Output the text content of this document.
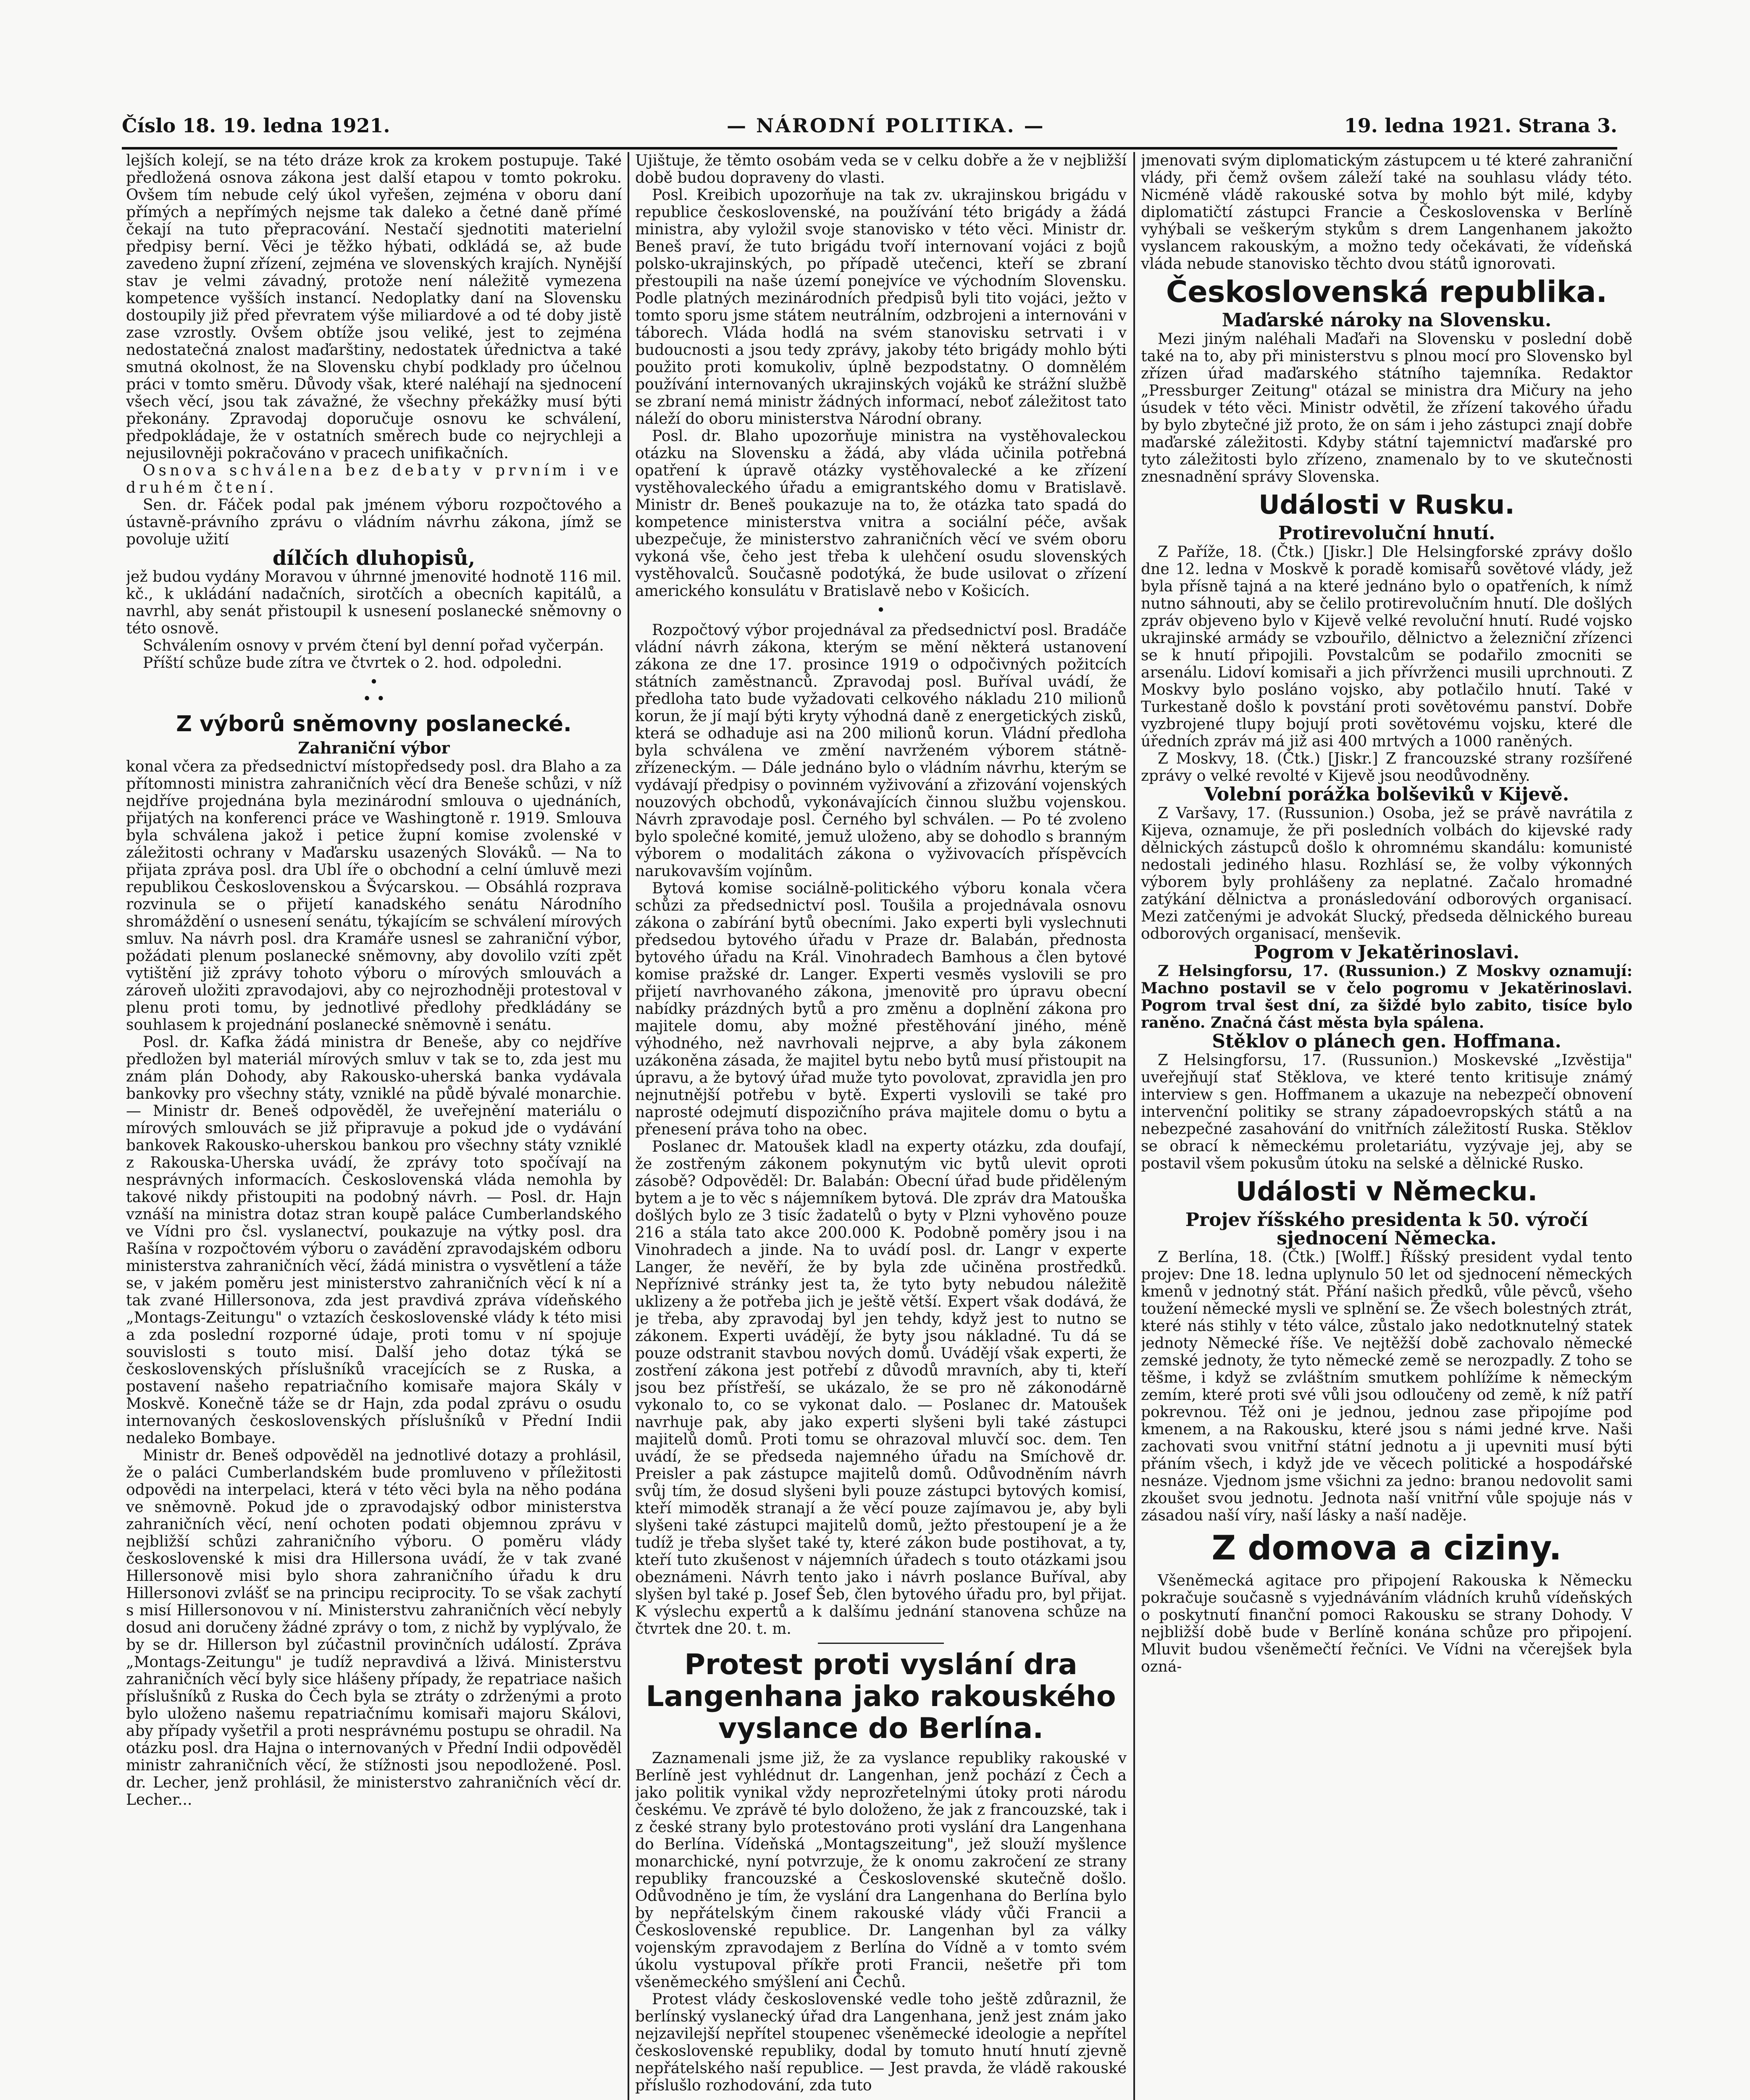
Číslo 18. 19. ledna 1921.	— NÁRODNÍ POLITIKA. —	19. ledna 1921. Strana 3.

lejších kolejí, se na této dráze krok za krokem postupuje. Také předložená osnova zákona jest další etapou v tomto pokroku. Ovšem tím nebude celý úkol vyřešen, zejména v oboru daní přímých a nepřímých nejsme tak daleko a četné daně přímé čekají na tuto přepracování. Nestačí sjednotiti materielní předpisy berní. Věci je těžko hýbati, odkládá se, až bude zavedeno župní zřízení, zejména ve slovenských krajích. Nynější stav je velmi závadný, protože není náležitě vymezena kompetence vyšších instancí. Nedoplatky daní na Slovensku dostoupily již před převratem výše miliardové a od té doby jistě zase vzrostly. Ovšem obtíže jsou veliké, jest to zejména nedostatečná znalost maďarštiny, nedostatek úřednictva a také smutná okolnost, že na Slovensku chybí podklady pro účelnou práci v tomto směru. Důvody však, které naléhají na sjednocení všech věcí, jsou tak závažné, že všechny překážky musí býti překonány. Zpravodaj doporučuje osnovu ke schválení, předpokládaje, že v ostatních směrech bude co nejrychleji a nejusilovněji pokračováno v pracech unifikačních.

Osnova schválena bez debaty v prvním i ve druhém čtení.

Sen. dr. Fáček podal pak jménem výboru rozpočtového a ústavně-právního zprávu o vládním návrhu zákona, jímž se povoluje užití

dílčích dluhopisů,

jež budou vydány Moravou v úhrnné jmenovité hodnotě 116 mil. kč., k ukládání nadačních, sirotčích a obecních kapitálů, a navrhl, aby senát přistoupil k usnesení poslanecké sněmovny o této osnově.

Schválením osnovy v prvém čtení byl denní pořad vyčerpán.

Příští schůze bude zítra ve čtvrtek o 2. hod. odpoledni.

•
• •
Z výborů sněmovny poslanecké.
Zahraniční výbor

konal včera za předsednictví místopředsedy posl. dra Blaho a za přítomnosti ministra zahraničních věcí dra Beneše schůzi, v níž nejdříve projednána byla mezinárodní smlouva o ujednáních, přijatých na konferenci práce ve Washingtoně r. 1919. Smlouva byla schválena jakož i petice župní komise zvolenské v záležitosti ochrany v Maďarsku usazených Slováků. — Na to přijata zpráva posl. dra Ubl íře o obchodní a celní úmluvě mezi republikou Československou a Švýcarskou. — Obsáhlá rozprava rozvinula se o přijetí kanadského senátu Národního shromáždění o usnesení senátu, týkajícím se schválení mírových smluv. Na návrh posl. dra Kramáře usnesl se zahraniční výbor, požádati plenum poslanecké sněmovny, aby dovolilo vzíti zpět vytištění již zprávy tohoto výboru o mírových smlouvách a zároveň uložiti zpravodajovi, aby co nejrozhodněji protestoval v plenu proti tomu, by jednotlivé předlohy předkládány se souhlasem k projednání poslanecké sněmovně i senátu.

Posl. dr. Kafka žádá ministra dr Beneše, aby co nejdříve předložen byl materiál mírových smluv v tak se to, zda jest mu znám plán Dohody, aby Rakousko-uherská banka vydávala bankovky pro všechny státy, vzniklé na půdě bývalé monarchie. — Ministr dr. Beneš odpověděl, že uveřejnění materiálu o mírových smlouvách se již připravuje a pokud jde o vydávání bankovek Rakousko-uherskou bankou pro všechny státy vzniklé z Rakouska-Uherska uvádí, že zprávy toto spočívají na nesprávných informacích. Československá vláda nemohla by takové nikdy přistoupiti na podobný návrh. — Posl. dr. Hajn vznáší na ministra dotaz stran koupě paláce Cumberlandského ve Vídni pro čsl. vyslanectví, poukazuje na výtky posl. dra Rašína v rozpočtovém výboru o zavádění zpravodajském odboru ministerstva zahraničních věcí, žádá ministra o vysvětlení a táže se, v jakém poměru jest ministerstvo zahraničních věcí k ní a tak zvané Hillersonova, zda jest pravdivá zpráva vídeňského „Montags-Zeitungu" o vztazích československé vlády k této misi a zda poslední rozporné údaje, proti tomu v ní spojuje souvislosti s touto misí. Další jeho dotaz týká se československých příslušníků vracejících se z Ruska, a postavení našeho repatriačního komisaře majora Skály v Moskvě. Konečně táže se dr Hajn, zda podal zprávu o osudu internovaných československých příslušníků v Přední Indii nedaleko Bombaye.

Ministr dr. Beneš odpověděl na jednotlivé dotazy a prohlásil, že o paláci Cumberlandském bude promluveno v příležitosti odpovědi na interpelaci, která v této věci byla na něho podána ve sněmovně. Pokud jde o zpravodajský odbor ministerstva zahraničních věcí, není ochoten podati objemnou zprávu v nejbližší schůzi zahraničního výboru. O poměru vlády československé k misi dra Hillersona uvádí, že v tak zvané Hillersonově misi bylo shora zahraničního úřadu k dru Hillersonovi zvlášť se na principu reciprocity. To se však zachytí s misí Hillersonovou v ní. Ministerstvu zahraničních věcí nebyly dosud ani doručeny žádné zprávy o tom, z nichž by vyplývalo, že by se dr. Hillerson byl zúčastnil provinčních událostí. Zpráva „Montags-Zeitungu" je tudíž nepravdivá a lživá. Ministerstvu zahraničních věcí byly sice hlášeny případy, že repatriace našich příslušníků z Ruska do Čech byla se ztráty o zdrženými a proto bylo uloženo našemu repatriačnímu komisaři majoru Skálovi, aby případy vyšetřil a proti nesprávnému postupu se ohradil. Na otázku posl. dra Hajna o internovaných v Přední Indii odpověděl ministr zahraničních věcí, že stížnosti jsou nepodložené. Posl. dr. Lecher, jenž prohlásil, že ministerstvo zahraničních věcí dr. Lecher...

Ujištuje, že těmto osobám veda se v celku dobře a že v nejbližší době budou dopraveny do vlasti.

Posl. Kreibich upozorňuje na tak zv. ukrajinskou brigádu v republice československé, na používání této brigády a žádá ministra, aby vyložil svoje stanovisko v této věci. Ministr dr. Beneš praví, že tuto brigádu tvoří internovaní vojáci z bojů polsko-ukrajinských, po případě utečenci, kteří se zbraní přestoupili na naše území ponejvíce ve východním Slovensku. Podle platných mezinárodních předpisů byli tito vojáci, ježto v tomto sporu jsme státem neutrálním, odzbrojeni a internováni v táborech. Vláda hodlá na svém stanovisku setrvati i v budoucnosti a jsou tedy zprávy, jakoby této brigády mohlo býti použito proti komukoliv, úplně bezpodstatny. O domnělém používání internovaných ukrajinských vojáků ke strážní službě se zbraní nemá ministr žádných informací, neboť záležitost tato náleží do oboru ministerstva Národní obrany.

Posl. dr. Blaho upozorňuje ministra na vystěhovaleckou otázku na Slovensku a žádá, aby vláda učinila potřebná opatření k úpravě otázky vystěhovalecké a ke zřízení vystěhovaleckého úřadu a emigrantského domu v Bratislavě. Ministr dr. Beneš poukazuje na to, že otázka tato spadá do kompetence ministerstva vnitra a sociální péče, avšak ubezpečuje, že ministerstvo zahraničních věcí ve svém oboru vykoná vše, čeho jest třeba k ulehčení osudu slovenských vystěhovalců. Současně podotýká, že bude usilovat o zřízení amerického konsulátu v Bratislavě nebo v Košicích.

•

Rozpočtový výbor projednával za předsednictví posl. Bradáče vládní návrh zákona, kterým se mění některá ustanovení zákona ze dne 17. prosince 1919 o odpočivných požitcích státních zaměstnanců. Zpravodaj posl. Buříval uvádí, že předloha tato bude vyžadovati celkového nákladu 210 milionů korun, že jí mají býti kryty výhodná daně z energetických zisků, která se odhaduje asi na 200 milionů korun. Vládní předloha byla schválena ve změní navrženém výborem státně-zřízeneckým. — Dále jednáno bylo o vládním návrhu, kterým se vydávají předpisy o povinném vyživování a zřizování vojenských nouzových obchodů, vykonávajících činnou službu vojenskou. Návrh zpravodaje posl. Černého byl schválen. — Po té zvoleno bylo společné komité, jemuž uloženo, aby se dohodlo s branným výborem o modalitách zákona o vyživovacích příspěvcích narukovavším vojínům.

Bytová komise sociálně-politického výboru konala včera schůzi za předsednictví posl. Toušila a projednávala osnovu zákona o zabírání bytů obecními. Jako experti byli vyslechnuti předsedou bytového úřadu v Praze dr. Balabán, přednosta bytového úřadu na Král. Vinohradech Bamhous a člen bytové komise pražské dr. Langer. Experti vesměs vyslovili se pro přijetí navrhovaného zákona, jmenovitě pro úpravu obecní nabídky prázdných bytů a pro změnu a doplnění zákona pro majitele domu, aby možné přestěhování jiného, méně výhodného, než navrhovali nejprve, a aby byla zákonem uzákoněna zásada, že majitel bytu nebo bytů musí přistoupit na úpravu, a že bytový úřad muže tyto povolovat, zpravidla jen pro nejnutnější potřebu v bytě. Experti vyslovili se také pro naprosté odejmutí dispozičního práva majitele domu o bytu a přenesení práva toho na obec.

Poslanec dr. Matoušek kladl na experty otázku, zda doufají, že zostřeným zákonem pokynutým vic bytů ulevit oproti zásobě? Odpověděl: Dr. Balabán: Obecní úřad bude přiděleným bytem a je to věc s nájemníkem bytová. Dle zpráv dra Matouška došlých bylo ze 3 tisíc žadatelů o byty v Plzni vyhověno pouze 216 a stála tato akce 200.000 K. Podobně poměry jsou i na Vinohradech a jinde. Na to uvádí posl. dr. Langr v experte Langer, že nevěří, že by byla zde učiněna prostředků. Nepříznivé stránky jest ta, že tyto byty nebudou náležitě uklizeny a že potřeba jich je ještě větší. Expert však dodává, že je třeba, aby zpravodaj byl jen tehdy, když jest to nutno se zákonem. Experti uvádějí, že byty jsou nákladné. Tu dá se pouze odstranit stavbou nových domů. Uvádějí však experti, že zostření zákona jest potřebí z důvodů mravních, aby ti, kteří jsou bez přístřeší, se ukázalo, že se pro ně zákonodárně vykonalo to, co se vykonat dalo. — Poslanec dr. Matoušek navrhuje pak, aby jako experti slyšeni byli také zástupci majitelů domů. Proti tomu se ohrazoval mluvčí soc. dem. Ten uvádí, že se předseda najemného úřadu na Smíchově dr. Preisler a pak zástupce majitelů domů. Odůvodněním návrh svůj tím, že dosud slyšeni byli pouze zástupci bytových komisí, kteří mimoděk stranají a že věcí pouze zajímavou je, aby byli slyšeni také zástupci majitelů domů, ježto přestoupení je a že tudíž je třeba slyšet také ty, které zákon bude postihovat, a ty, kteří tuto zkušenost v nájemních úřadech s touto otázkami jsou obeznámeni. Návrh tento jako i návrh poslance Buříval, aby slyšen byl také p. Josef Šeb, člen bytového úřadu pro, byl přijat. K výslechu expertů a k dalšímu jednání stanovena schůze na čtvrtek dne 20. t. m.

Protest proti vyslání dra Langenhana jako rakouského vyslance do Berlína.

Zaznamenali jsme již, že za vyslance republiky rakouské v Berlíně jest vyhlédnut dr. Langenhan, jenž pochází z Čech a jako politik vynikal vždy neprozřetelnými útoky proti národu českému. Ve zprávě té bylo doloženo, že jak z francouzské, tak i z české strany bylo protestováno proti vyslání dra Langenhana do Berlína. Vídeňská „Montagszeitung", jež slouží myšlence monarchické, nyní potvrzuje, že k onomu zakročení ze strany republiky francouzské a Československé skutečně došlo. Odůvodněno je tím, že vyslání dra Langenhana do Berlína bylo by nepřátelským činem rakouské vlády vůči Francii a Československé republice. Dr. Langenhan byl za války vojenským zpravodajem z Berlína do Vídně a v tomto svém úkolu vystupoval příkře proti Francii, nešetře při tom všeněmeckého smýšlení ani Čechů.

Protest vlády československé vedle toho ještě zdůraznil, že berlínský vyslanecký úřad dra Langenhana, jenž jest znám jako nejzavilejší nepřítel stoupenec všeněmecké ideologie a nepřítel československé republiky, dodal by tomuto hnutí hnutí zjevně nepřátelského naší republice. — Jest pravda, že vládě rakouské příslušlo rozhodování, zda tuto

jmenovati svým diplomatickým zástupcem u té které zahraniční vlády, při čemž ovšem záleží také na souhlasu vlády této. Nicméně vládě rakouské sotva by mohlo být milé, kdyby diplomatičtí zástupci Francie a Československa v Berlíně vyhýbali se veškerým stykům s drem Langenhanem jakožto vyslancem rakouským, a možno tedy očekávati, že vídeňská vláda nebude stanovisko těchto dvou států ignorovati.

Československá republika.
Maďarské nároky na Slovensku.

Mezi jiným naléhali Maďaři na Slovensku v poslední době také na to, aby při ministerstvu s plnou mocí pro Slovensko byl zřízen úřad maďarského státního tajemníka. Redaktor „Pressburger Zeitung" otázal se ministra dra Mičury na jeho úsudek v této věci. Ministr odvětil, že zřízení takového úřadu by bylo zbytečné již proto, že on sám i jeho zástupci znají dobře maďarské záležitosti. Kdyby státní tajemnictví maďarské pro tyto záležitosti bylo zřízeno, znamenalo by to ve skutečnosti znesnadnění správy Slovenska.

Události v Rusku.
Protirevoluční hnutí.

Z Paříže, 18. (Čtk.) [Jiskr.] Dle Helsingforské zprávy došlo dne 12. ledna v Moskvě k poradě komisařů sovětové vlády, jež byla přísně tajná a na které jednáno bylo o opatřeních, k nímž nutno sáhnouti, aby se čelilo protirevolučním hnutí. Dle došlých zpráv objeveno bylo v Kijevě velké revoluční hnutí. Rudé vojsko ukrajinské armády se vzbouřilo, dělnictvo a železniční zřízenci se k hnutí připojili. Povstalcům se podařilo zmocniti se arsenálu. Lidoví komisaři a jich přívrženci musili uprchnouti. Z Moskvy bylo posláno vojsko, aby potlačilo hnutí. Také v Turkestaně došlo k povstání proti sovětovému panství. Dobře vyzbrojené tlupy bojují proti sovětovému vojsku, které dle úředních zpráv má již asi 400 mrtvých a 1000 raněných.

Z Moskvy, 18. (Čtk.) [Jiskr.] Z francouzské strany rozšířené zprávy o velké revolté v Kijevě jsou neodůvodněny.

Volební porážka bolševiků v Kijevě.

Z Varšavy, 17. (Russunion.) Osoba, jež se právě navrátila z Kijeva, oznamuje, že při posledních volbách do kijevské rady dělnických zástupců došlo k ohromnému skandálu: komunisté nedostali jediného hlasu. Rozhlásí se, že volby výkonných výborem byly prohlášeny za neplatné. Začalo hromadné zatýkání dělnictva a pronásledování odborových organisací. Mezi zatčenými je advokát Slucký, předseda dělnického bureau odborových organisací, menševik.

Pogrom v Jekatěrinoslavi.

Z Helsingforsu, 17. (Russunion.) Z Moskvy oznamují: Machno postavil se v čelo pogromu v Jekatěrinoslavi. Pogrom trval šest dní, za šiždé bylo zabito, tisíce bylo raněno. Značná část města byla spálena.

Stěklov o plánech gen. Hoffmana.

Z Helsingforsu, 17. (Russunion.) Moskevské „Izvěstija" uveřejňují stať Stěklova, ve které tento kritisuje známý interview s gen. Hoffmanem a ukazuje na nebezpečí obnovení intervenční politiky se strany západoevropských států a na nebezpečné zasahování do vnitřních záležitostí Ruska. Stěklov se obrací k německému proletariátu, vyzývaje jej, aby se postavil všem pokusům útoku na selské a dělnické Rusko.

Události v Německu.
Projev říšského presidenta k 50. výročí sjednocení Německa.

Z Berlína, 18. (Čtk.) [Wolff.] Říšský president vydal tento projev: Dne 18. ledna uplynulo 50 let od sjednocení německých kmenů v jednotný stát. Přání našich předků, vůle pěvců, všeho toužení německé mysli ve splnění se. Že všech bolestných ztrát, které nás stihly v této válce, zůstalo jako nedotknutelný statek jednoty Německé říše. Ve nejtěžší době zachovalo německé zemské jednoty, že tyto německé země se nerozpadly. Z toho se těšme, i když se zvláštním smutkem pohlížíme k německým zemím, které proti své vůli jsou odloučeny od země, k níž patří pokrevnou. Též oni je jednou, jednou zase připojíme pod kmenem, a na Rakousku, které jsou s námi jedné krve. Naši zachovati svou vnitřní státní jednotu a ji upevniti musí býti přáním všech, i když jde ve věcech politické a hospodářské nesnáze. Vjednom jsme všichni za jedno: branou nedovolit sami zkoušet svou jednotu. Jednota naší vnitřní vůle spojuje nás v zásadou naší víry, naší lásky a naší naděje.

Z domova a ciziny.

Všeněmecká agitace pro připojení Rakouska k Německu pokračuje současně s vyjednáváním vládních kruhů vídeňských o poskytnutí finanční pomoci Rakousku se strany Dohody. V nejbližší době bude v Berlíně konána schůze pro připojení. Mluvit budou všeněmečtí řečníci. Ve Vídni na včerejšek byla ozná-
